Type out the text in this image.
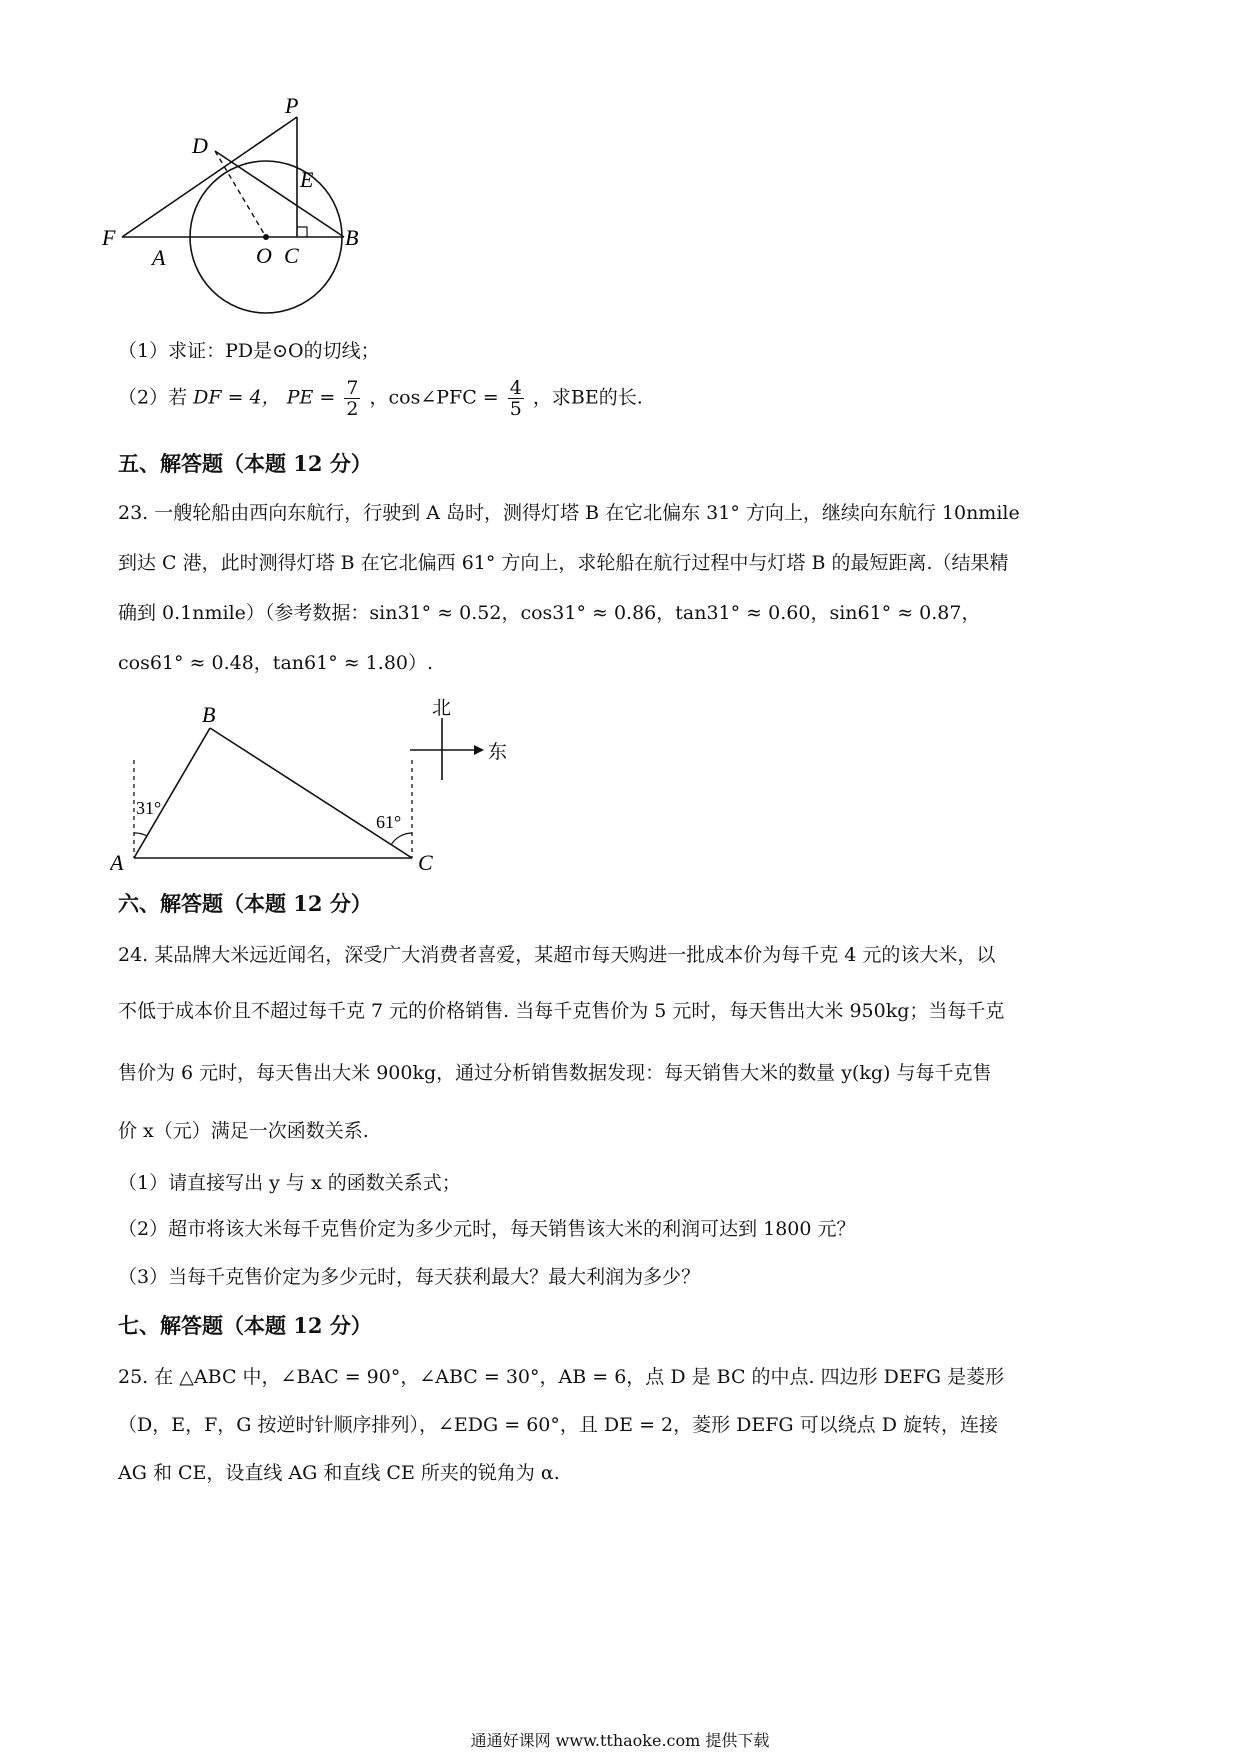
P
D
E
F
A	O C
B
（1）求证：PD是⊙O的切线；
（2）若 DF = 4， PE = $\frac{7}{2}$ ，cos∠PFC = $\frac{4}{5}$ ，求BE的长.
五、解答题（本题 12 分）
23. 一艘轮船由西向东航行，行驶到 A 岛时，测得灯塔 B 在它北偏东 31° 方向上，继续向东航行 10nmile
到达 C 港，此时测得灯塔 B 在它北偏西 61° 方向上，求轮船在航行过程中与灯塔 B 的最短距离.（结果精
确到 0.1nmile）（参考数据：sin31° ≈ 0.52，cos31° ≈ 0.86，tan31° ≈ 0.60，sin61° ≈ 0.87，
cos61° ≈ 0.48，tan61° ≈ 1.80）.
B
A	C
31°
61°
北
东
六、解答题（本题 12 分）
24. 某品牌大米远近闻名，深受广大消费者喜爱，某超市每天购进一批成本价为每千克 4 元的该大米，以
不低于成本价且不超过每千克 7 元的价格销售. 当每千克售价为 5 元时，每天售出大米 950kg；当每千克
售价为 6 元时，每天售出大米 900kg，通过分析销售数据发现：每天销售大米的数量 y(kg) 与每千克售
价 x（元）满足一次函数关系.
（1）请直接写出 y 与 x 的函数关系式；
（2）超市将该大米每千克售价定为多少元时，每天销售该大米的利润可达到 1800 元？
（3）当每千克售价定为多少元时，每天获利最大？最大利润为多少？
七、解答题（本题 12 分）
25. 在 △ABC 中，∠BAC = 90°，∠ABC = 30°，AB = 6，点 D 是 BC 的中点. 四边形 DEFG 是菱形
（D，E，F，G 按逆时针顺序排列），∠EDG = 60°，且 DE = 2，菱形 DEFG 可以绕点 D 旋转，连接
AG 和 CE，设直线 AG 和直线 CE 所夹的锐角为 α.
通通好课网 www.tthaoke.com 提供下载
